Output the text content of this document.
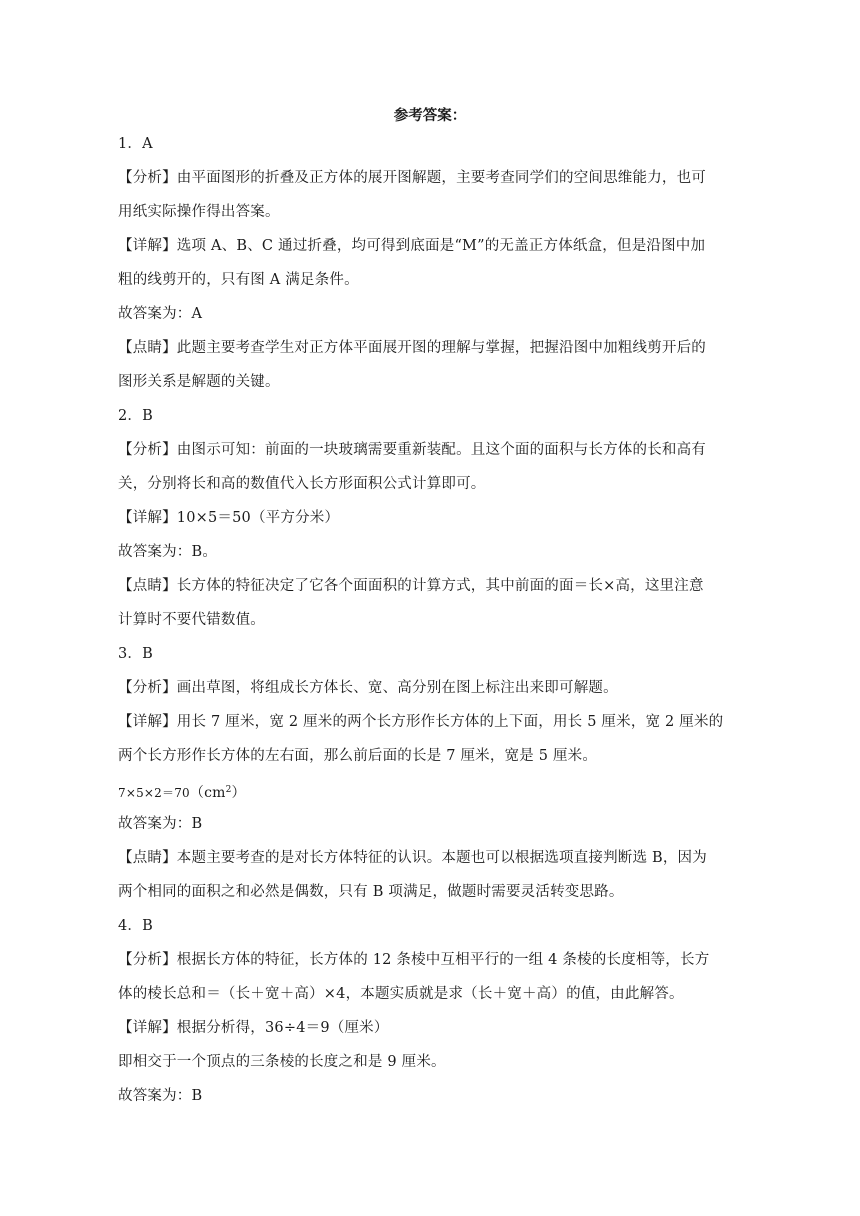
参考答案：
1．A
【分析】由平面图形的折叠及正方体的展开图解题，主要考查同学们的空间思维能力，也可
用纸实际操作得出答案。
【详解】选项 A、B、C 通过折叠，均可得到底面是“M”的无盖正方体纸盒，但是沿图中加
粗的线剪开的，只有图 A 满足条件。
故答案为：A
【点睛】此题主要考查学生对正方体平面展开图的理解与掌握，把握沿图中加粗线剪开后的
图形关系是解题的关键。
2．B
【分析】由图示可知：前面的一块玻璃需要重新装配。且这个面的面积与长方体的长和高有
关，分别将长和高的数值代入长方形面积公式计算即可。
【详解】10×5＝50（平方分米）
故答案为：B。
【点睛】长方体的特征决定了它各个面面积的计算方式，其中前面的面＝长×高，这里注意
计算时不要代错数值。
3．B
【分析】画出草图，将组成长方体长、宽、高分别在图上标注出来即可解题。
【详解】用长 7 厘米，宽 2 厘米的两个长方形作长方体的上下面，用长 5 厘米，宽 2 厘米的
两个长方形作长方体的左右面，那么前后面的长是 7 厘米，宽是 5 厘米。
$7\times 5\times 2=70(cm^2)$
故答案为：B
【点睛】本题主要考查的是对长方体特征的认识。本题也可以根据选项直接判断选 B，因为
两个相同的面积之和必然是偶数，只有 B 项满足，做题时需要灵活转变思路。
4．B
【分析】根据长方体的特征，长方体的 12 条棱中互相平行的一组 4 条棱的长度相等，长方
体的棱长总和＝（长＋宽＋高）×4，本题实质就是求（长＋宽＋高）的值，由此解答。
【详解】根据分析得，36÷4＝9（厘米）
即相交于一个顶点的三条棱的长度之和是 9 厘米。
故答案为：B
